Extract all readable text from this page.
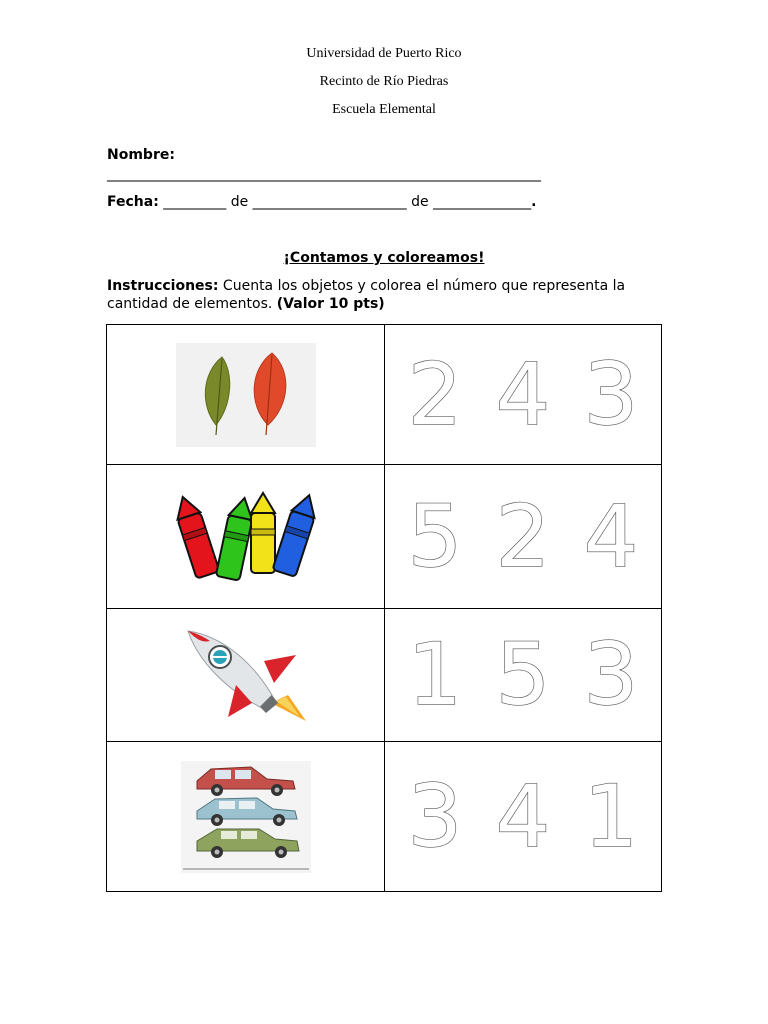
Universidad de Puerto Rico
Recinto de Río Piedras
Escuela Elemental
Nombre:
______________________________________________________________
Fecha: _________ de ______________________ de ______________.
¡Contamos y coloreamos!
Instrucciones: Cuenta los objetos y colorea el número que representa la cantidad de elementos. (Valor 10 pts)

2 4 3

5 2 4

1 5 3

3 4 1
